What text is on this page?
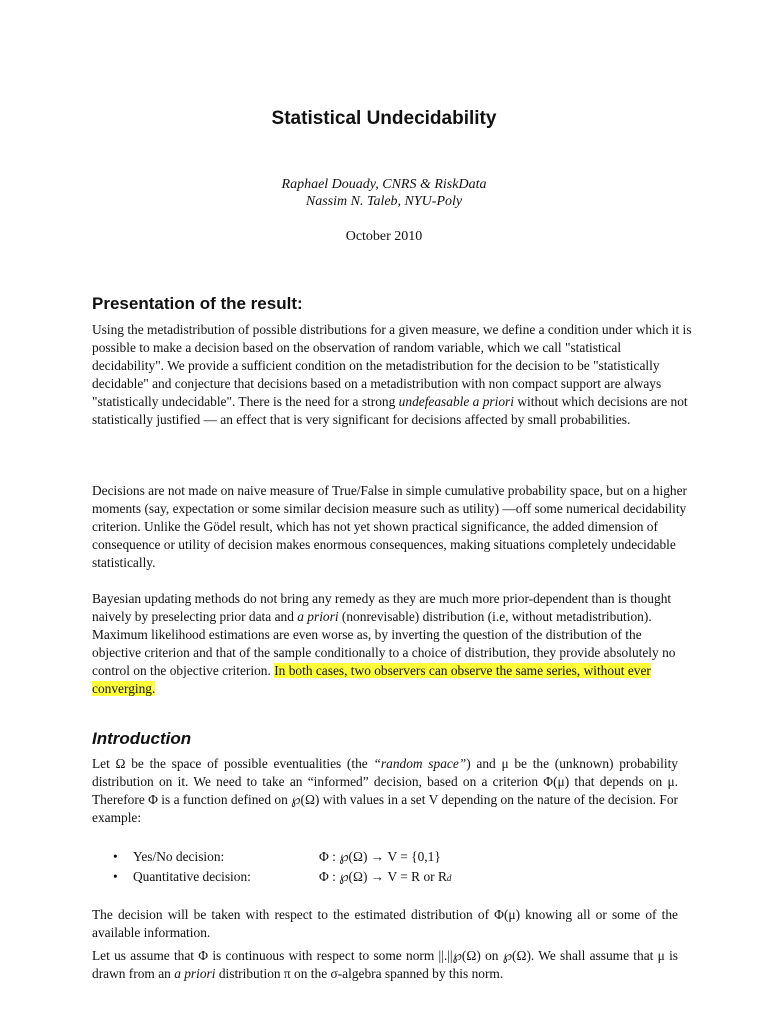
Statistical Undecidability
Raphael Douady, CNRS & RiskData
Nassim N. Taleb, NYU-Poly
October 2010
Presentation of the result:
Using the metadistribution of possible distributions for a given measure, we define a condition under which it is possible to make a decision based on the observation of random variable, which we call "statistical decidability". We provide a sufficient condition on the metadistribution for the decision to be "statistically decidable" and conjecture that decisions based on a metadistribution with non compact support are always "statistically undecidable". There is the need for a strong undefeasable a priori without which decisions are not statistically justified — an effect that is very significant for decisions affected by small probabilities.
Decisions are not made on naive measure of True/False in simple cumulative probability space, but on a higher moments (say, expectation or some similar decision measure such as utility) —off some numerical decidability criterion. Unlike the Gödel result, which has not yet shown practical significance, the added dimension of consequence or utility of decision makes enormous consequences, making situations completely undecidable statistically.
Bayesian updating methods do not bring any remedy as they are much more prior-dependent than is thought naively by preselecting prior data and a priori (nonrevisable) distribution (i.e, without metadistribution). Maximum likelihood estimations are even worse as, by inverting the question of the distribution of the objective criterion and that of the sample conditionally to a choice of distribution, they provide absolutely no control on the objective criterion. In both cases, two observers can observe the same series, without ever converging.
Introduction
Let Ω be the space of possible eventualities (the “random space”) and μ be the (unknown) probability distribution on it. We need to take an “informed” decision, based on a criterion Φ(μ) that depends on μ. Therefore Φ is a function defined on ℘(Ω) with values in a set V depending on the nature of the decision. For example:
•	Yes/No decision:	Φ : ℘(Ω) → V = {0,1}
•	Quantitative decision:	Φ : ℘(Ω) → V = R or R d
The decision will be taken with respect to the estimated distribution of Φ(μ) knowing all or some of the available information.
Let us assume that Φ is continuous with respect to some norm ||.||℘(Ω) on ℘(Ω). We shall assume that μ is drawn from an a priori distribution π on the σ-algebra spanned by this norm.
